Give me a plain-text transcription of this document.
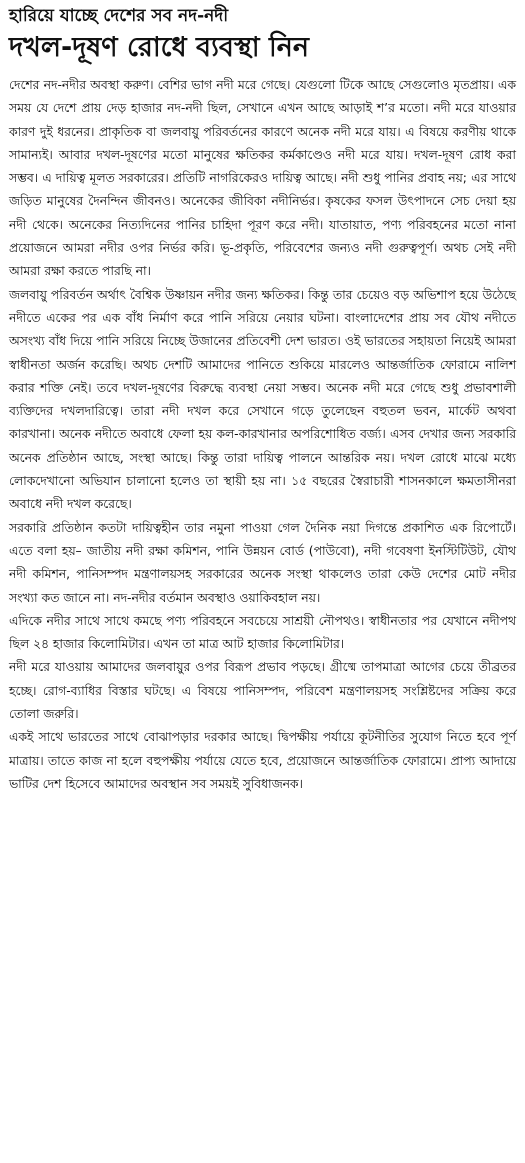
হারিয়ে যাচ্ছে দেশের সব নদ-নদী
দখল-দূষণ রোধে ব্যবস্থা নিন

দেশের নদ-নদীর অবস্থা করুণ। বেশির ভাগ নদী মরে গেছে। যেগুলো টিকে আছে সেগুলোও মৃতপ্রায়। এক সময় যে দেশে প্রায় দেড় হাজার নদ-নদী ছিল, সেখানে এখন আছে আড়াই শ’র মতো। নদী মরে যাওয়ার কারণ দুই ধরনের। প্রাকৃতিক বা জলবায়ু পরিবর্তনের কারণে অনেক নদী মরে যায়। এ বিষয়ে করণীয় থাকে সামান্যই। আবার দখল-দূষণের মতো মানুষের ক্ষতিকর কর্মকাণ্ডেও নদী মরে যায়। দখল-দূষণ রোধ করা সম্ভব। এ দায়িত্ব মূলত সরকারের। প্রতিটি নাগরিকেরও দায়িত্ব আছে। নদী শুধু পানির প্রবাহ নয়; এর সাথে জড়িত মানুষের দৈনন্দিন জীবনও। অনেকের জীবিকা নদীনির্ভর। কৃষকের ফসল উৎপাদনে সেচ দেয়া হয় নদী থেকে। অনেকের নিত্যদিনের পানির চাহিদা পূরণ করে নদী। যাতায়াত, পণ্য পরিবহনের মতো নানা প্রয়োজনে আমরা নদীর ওপর নির্ভর করি। ভূ-প্রকৃতি, পরিবেশের জন্যও নদী গুরুত্বপূর্ণ। অথচ সেই নদী আমরা রক্ষা করতে পারছি না।

জলবায়ু পরিবর্তন অর্থাৎ বৈশ্বিক উষ্ণায়ন নদীর জন্য ক্ষতিকর। কিন্তু তার চেয়েও বড় অভিশাপ হয়ে উঠেছে নদীতে একের পর এক বাঁধ নির্মাণ করে পানি সরিয়ে নেয়ার ঘটনা। বাংলাদেশের প্রায় সব যৌথ নদীতে অসংখ্য বাঁধ দিয়ে পানি সরিয়ে নিচ্ছে উজানের প্রতিবেশী দেশ ভারত। ওই ভারতের সহায়তা নিয়েই আমরা স্বাধীনতা অর্জন করেছি। অথচ দেশটি আমাদের পানিতে শুকিয়ে মারলেও আন্তর্জাতিক ফোরামে নালিশ করার শক্তি নেই। তবে দখল-দূষণের বিরুদ্ধে ব্যবস্থা নেয়া সম্ভব। অনেক নদী মরে গেছে শুধু প্রভাবশালী ব্যক্তিদের দখলদারিত্বে। তারা নদী দখল করে সেখানে গড়ে তুলেছেন বহুতল ভবন, মার্কেট অথবা কারখানা। অনেক নদীতে অবাধে ফেলা হয় কল-কারখানার অপরিশোধিত বর্জ্য। এসব দেখার জন্য সরকারি অনেক প্রতিষ্ঠান আছে, সংস্থা আছে। কিন্তু তারা দায়িত্ব পালনে আন্তরিক নয়। দখল রোধে মাঝে মধ্যে লোকদেখানো অভিযান চালানো হলেও তা স্থায়ী হয় না। ১৫ বছরের স্বৈরাচারী শাসনকালে ক্ষমতাসীনরা অবাধে নদী দখল করেছে।

সরকারি প্রতিষ্ঠান কতটা দায়িত্বহীন তার নমুনা পাওয়া গেল দৈনিক নয়া দিগন্তে প্রকাশিত এক রিপোর্টে। এতে বলা হয়– জাতীয় নদী রক্ষা কমিশন, পানি উন্নয়ন বোর্ড (পাউবো), নদী গবেষণা ইনস্টিটিউট, যৌথ নদী কমিশন, পানিসম্পদ মন্ত্রণালয়সহ সরকারের অনেক সংস্থা থাকলেও তারা কেউ দেশের মোট নদীর সংখ্যা কত জানে না। নদ-নদীর বর্তমান অবস্থাও ওয়াকিবহাল নয়।

এদিকে নদীর সাথে সাথে কমছে পণ্য পরিবহনে সবচেয়ে সাশ্রয়ী নৌপথও। স্বাধীনতার পর যেখানে নদীপথ ছিল ২৪ হাজার কিলোমিটার। এখন তা মাত্র আট হাজার কিলোমিটার।

নদী মরে যাওয়ায় আমাদের জলবায়ুর ওপর বিরূপ প্রভাব পড়ছে। গ্রীষ্মে তাপমাত্রা আগের চেয়ে তীব্রতর হচ্ছে। রোগ-ব্যাধির বিস্তার ঘটছে। এ বিষয়ে পানিসম্পদ, পরিবেশ মন্ত্রণালয়সহ সংশ্লিষ্টদের সক্রিয় করে তোলা জরুরি।

একই সাথে ভারতের সাথে বোঝাপড়ার দরকার আছে। দ্বিপক্ষীয় পর্যায়ে কূটনীতির সুযোগ নিতে হবে পূর্ণ মাত্রায়। তাতে কাজ না হলে বহুপক্ষীয় পর্যায়ে যেতে হবে, প্রয়োজনে আন্তর্জাতিক ফোরামে। প্রাপ্য আদায়ে ভাটির দেশ হিসেবে আমাদের অবস্থান সব সময়ই সুবিধাজনক।
